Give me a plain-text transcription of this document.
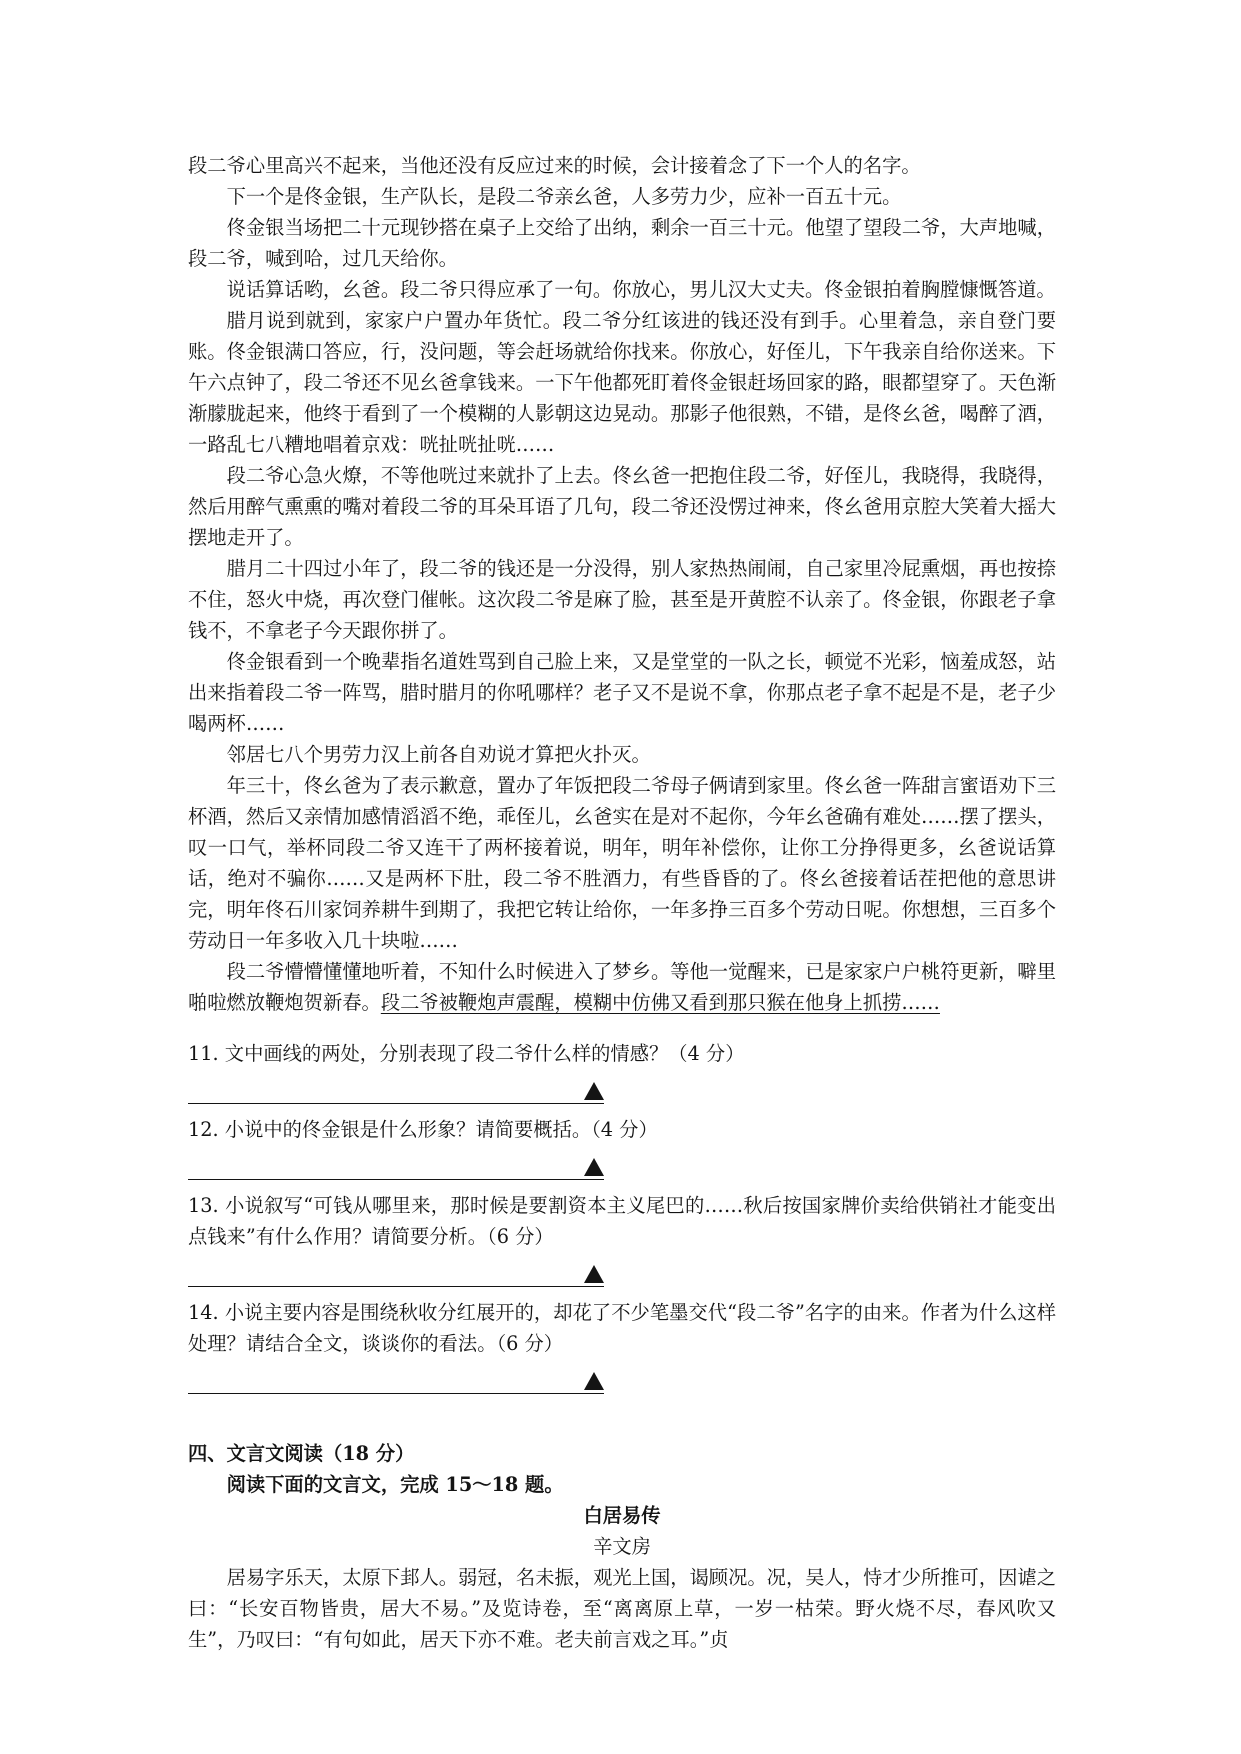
段二爷心里高兴不起来，当他还没有反应过来的时候，会计接着念了下一个人的名字。

下一个是佟金银，生产队长，是段二爷亲幺爸，人多劳力少，应补一百五十元。

佟金银当场把二十元现钞搭在桌子上交给了出纳，剩余一百三十元。他望了望段二爷，大声地喊，段二爷，喊到哈，过几天给你。

说话算话哟，幺爸。段二爷只得应承了一句。你放心，男儿汉大丈夫。佟金银拍着胸膛慷慨答道。

腊月说到就到，家家户户置办年货忙。段二爷分红该进的钱还没有到手。心里着急，亲自登门要账。佟金银满口答应，行，没问题，等会赶场就给你找来。你放心，好侄儿，下午我亲自给你送来。下午六点钟了，段二爷还不见幺爸拿钱来。一下午他都死盯着佟金银赶场回家的路，眼都望穿了。天色渐渐朦胧起来，他终于看到了一个模糊的人影朝这边晃动。那影子他很熟，不错，是佟幺爸，喝醉了酒，一路乱七八糟地唱着京戏：咣扯咣扯咣……

段二爷心急火燎，不等他咣过来就扑了上去。佟幺爸一把抱住段二爷，好侄儿，我晓得，我晓得，然后用醉气熏熏的嘴对着段二爷的耳朵耳语了几句，段二爷还没愣过神来，佟幺爸用京腔大笑着大摇大摆地走开了。

腊月二十四过小年了，段二爷的钱还是一分没得，别人家热热闹闹，自己家里冷屁熏烟，再也按捺不住，怒火中烧，再次登门催帐。这次段二爷是麻了脸，甚至是开黄腔不认亲了。佟金银，你跟老子拿钱不，不拿老子今天跟你拼了。

佟金银看到一个晚辈指名道姓骂到自己脸上来，又是堂堂的一队之长，顿觉不光彩，恼羞成怒，站出来指着段二爷一阵骂，腊时腊月的你吼哪样？老子又不是说不拿，你那点老子拿不起是不是，老子少喝两杯……

邻居七八个男劳力汉上前各自劝说才算把火扑灭。

年三十，佟幺爸为了表示歉意，置办了年饭把段二爷母子俩请到家里。佟幺爸一阵甜言蜜语劝下三杯酒，然后又亲情加感情滔滔不绝，乖侄儿，幺爸实在是对不起你，今年幺爸确有难处……摆了摆头，叹一口气，举杯同段二爷又连干了两杯接着说，明年，明年补偿你，让你工分挣得更多，幺爸说话算话，绝对不骗你……又是两杯下肚，段二爷不胜酒力，有些昏昏的了。佟幺爸接着话茬把他的意思讲完，明年佟石川家饲养耕牛到期了，我把它转让给你，一年多挣三百多个劳动日呢。你想想，三百多个劳动日一年多收入几十块啦……

段二爷懵懵懂懂地听着，不知什么时候进入了梦乡。等他一觉醒来，已是家家户户桃符更新，噼里啪啦燃放鞭炮贺新春。段二爷被鞭炮声震醒，模糊中仿佛又看到那只猴在他身上抓捞……

11. 文中画线的两处，分别表现了段二爷什么样的情感？（4 分）

12. 小说中的佟金银是什么形象？请简要概括。（4 分）

13. 小说叙写“可钱从哪里来，那时候是要割资本主义尾巴的……秋后按国家牌价卖给供销社才能变出点钱来”有什么作用？请简要分析。（6 分）

14. 小说主要内容是围绕秋收分红展开的，却花了不少笔墨交代“段二爷”名字的由来。作者为什么这样处理？请结合全文，谈谈你的看法。（6 分）

四、文言文阅读（18 分）

阅读下面的文言文，完成 15～18 题。

白居易传

辛文房

居易字乐天，太原下邽人。弱冠，名未振，观光上国，谒顾况。况，吴人，恃才少所推可，因谑之曰：“长安百物皆贵，居大不易。”及览诗卷，至“离离原上草，一岁一枯荣。野火烧不尽，春风吹又生”，乃叹曰：“有句如此，居天下亦不难。老夫前言戏之耳。”贞
